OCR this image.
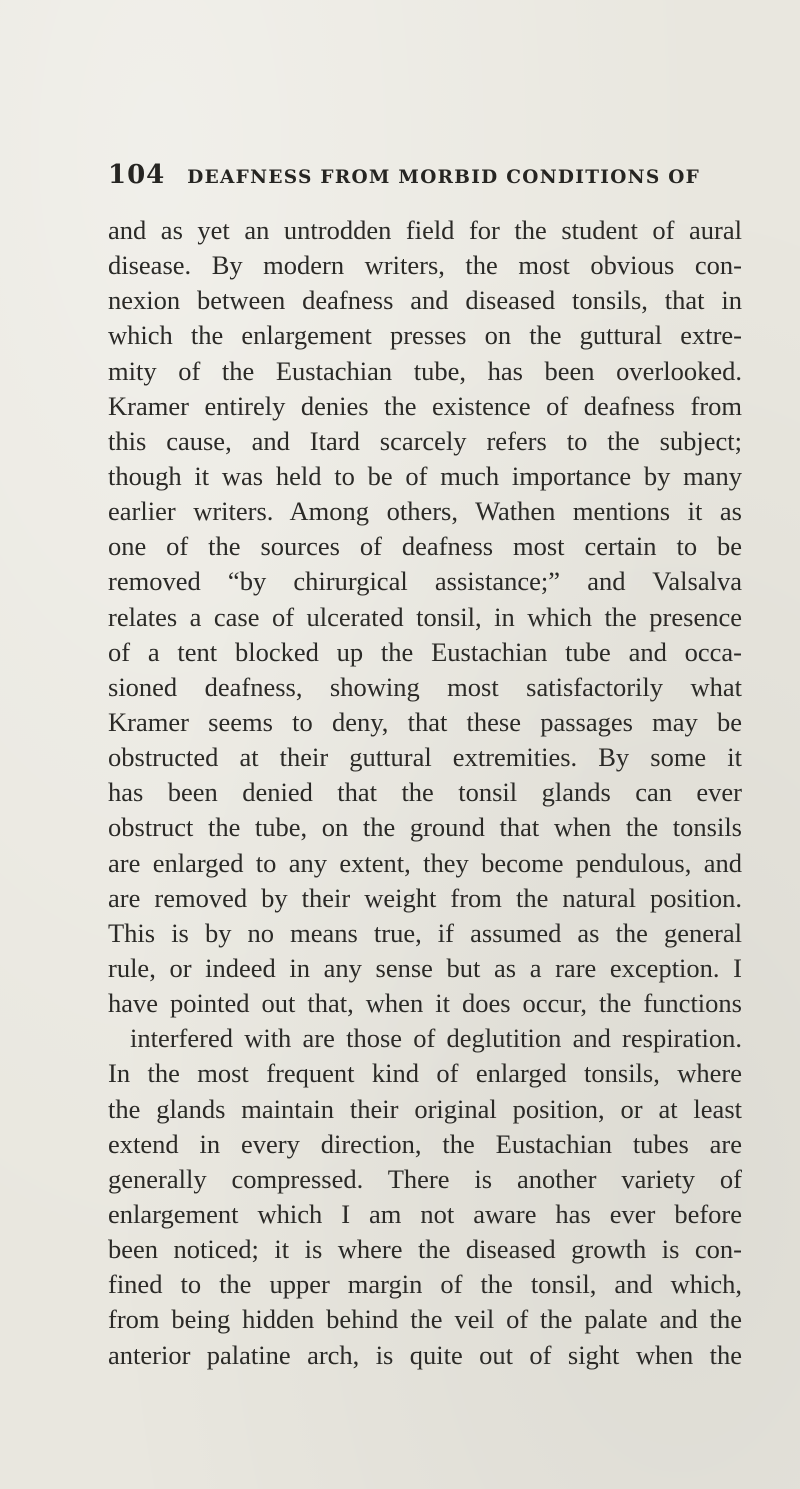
104 DEAFNESS FROM MORBID CONDITIONS OF
and as yet an untrodden field for the student of aural
disease. By modern writers, the most obvious con-
nexion between deafness and diseased tonsils, that in
which the enlargement presses on the guttural extre-
mity of the Eustachian tube, has been overlooked.
Kramer entirely denies the existence of deafness from
this cause, and Itard scarcely refers to the subject;
though it was held to be of much importance by many
earlier writers. Among others, Wathen mentions it as
one of the sources of deafness most certain to be
removed “by chirurgical assistance;” and Valsalva
relates a case of ulcerated tonsil, in which the presence
of a tent blocked up the Eustachian tube and occa-
sioned deafness, showing most satisfactorily what
Kramer seems to deny, that these passages may be
obstructed at their guttural extremities. By some it
has been denied that the tonsil glands can ever
obstruct the tube, on the ground that when the tonsils
are enlarged to any extent, they become pendulous, and
are removed by their weight from the natural position.
This is by no means true, if assumed as the general
rule, or indeed in any sense but as a rare exception. I
have pointed out that, when it does occur, the functions
interfered with are those of deglutition and respiration.
In the most frequent kind of enlarged tonsils, where
the glands maintain their original position, or at least
extend in every direction, the Eustachian tubes are
generally compressed. There is another variety of
enlargement which I am not aware has ever before
been noticed; it is where the diseased growth is con-
fined to the upper margin of the tonsil, and which,
from being hidden behind the veil of the palate and the
anterior palatine arch, is quite out of sight when the
